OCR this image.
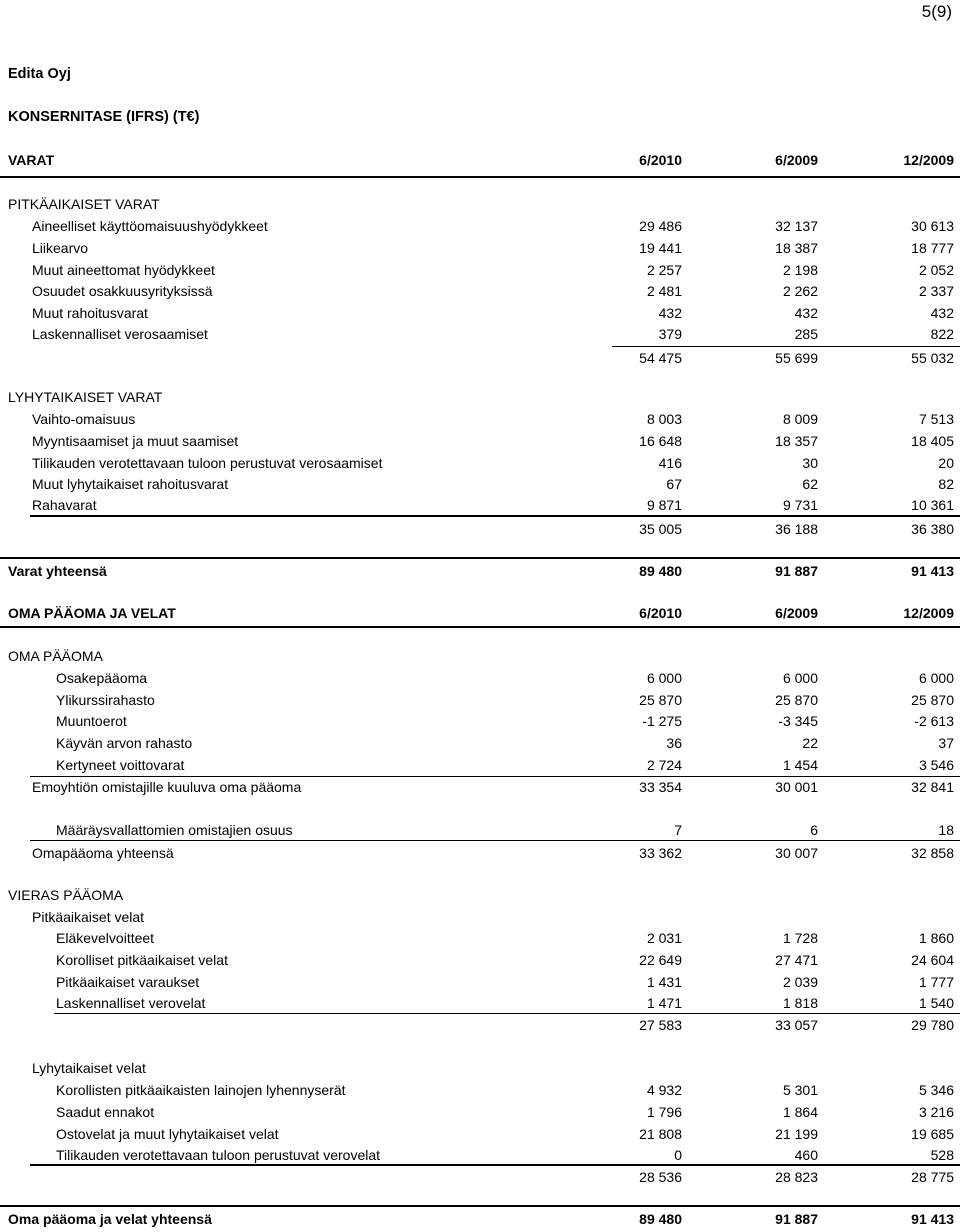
5(9)
Edita Oyj
KONSERNITASE (IFRS) (T€)
VARAT	6/2010	6/2009	12/2009
PITKÄAIKAISET VARAT
Aineelliset käyttöomaisuushyödykkeet	29 486	32 137	30 613
Liikearvo	19 441	18 387	18 777
Muut aineettomat hyödykkeet	2 257	2 198	2 052
Osuudet osakkuusyrityksissä	2 481	2 262	2 337
Muut rahoitusvarat	432	432	432
Laskennalliset verosaamiset	379	285	822
54 475	55 699	55 032
LYHYTAIKAISET VARAT
Vaihto-omaisuus	8 003	8 009	7 513
Myyntisaamiset ja muut saamiset	16 648	18 357	18 405
Tilikauden verotettavaan tuloon perustuvat verosaamiset	416	30	20
Muut lyhytaikaiset rahoitusvarat	67	62	82
Rahavarat	9 871	9 731	10 361
35 005	36 188	36 380
Varat yhteensä	89 480	91 887	91 413
OMA PÄÄOMA JA VELAT	6/2010	6/2009	12/2009
OMA PÄÄOMA
Osakepääoma	6 000	6 000	6 000
Ylikurssirahasto	25 870	25 870	25 870
Muuntoerot	-1 275	-3 345	-2 613
Käyvän arvon rahasto	36	22	37
Kertyneet voittovarat	2 724	1 454	3 546
Emoyhtiön omistajille kuuluva oma pääoma	33 354	30 001	32 841
Määräysvallattomien omistajien osuus	7	6	18
Omapääoma yhteensä	33 362	30 007	32 858
VIERAS PÄÄOMA
Pitkäaikaiset velat
Eläkevelvoitteet	2 031	1 728	1 860
Korolliset pitkäaikaiset velat	22 649	27 471	24 604
Pitkäaikaiset varaukset	1 431	2 039	1 777
Laskennalliset verovelat	1 471	1 818	1 540
27 583	33 057	29 780
Lyhytaikaiset velat
Korollisten pitkäaikaisten lainojen lyhennyserät	4 932	5 301	5 346
Saadut ennakot	1 796	1 864	3 216
Ostovelat ja muut lyhytaikaiset velat	21 808	21 199	19 685
Tilikauden verotettavaan tuloon perustuvat verovelat	0	460	528
28 536	28 823	28 775
Oma pääoma ja velat yhteensä	89 480	91 887	91 413
